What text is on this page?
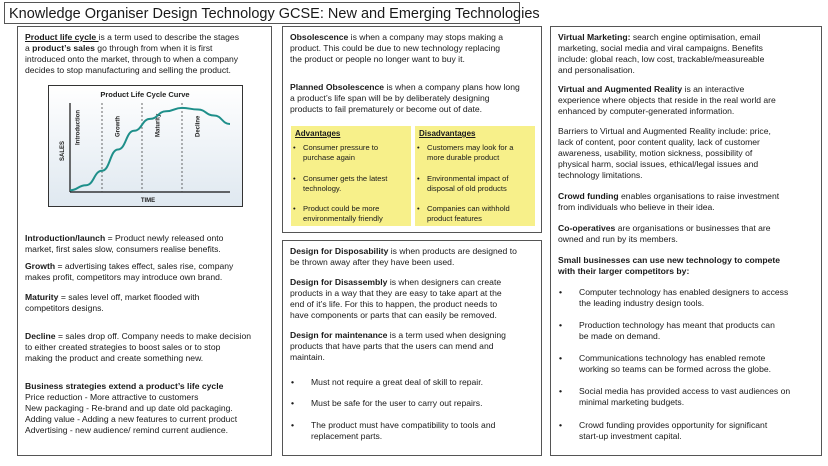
Knowledge Organiser Design Technology GCSE: New and Emerging Technologies

Product life cycle is a term used to describe the stages

a product’s sales go through from when it is first

introduced onto the market, through to when a company

decides to stop manufacturing and selling the product.

Product Life Cycle Curve
SALES
TIME
Introduction	Growth	Maturity	Decline

Introduction/launch = Product newly released onto

market, first sales slow, consumers realise benefits.

Growth = advertising takes effect, sales rise, company

makes profit, competitors may introduce own brand.

Maturity = sales level off, market flooded with

competitors designs.

Decline = sales drop off. Company needs to make decision

to either created strategies to boost sales or to stop

making the product and create something new.

Business strategies extend a product’s life cycle

Price reduction - More attractive to customers

New packaging - Re-brand and up date old packaging.

Adding value - Adding a new features to current product

Advertising - new audience/ remind current audience.

Obsolescence is when a company may stops making a

product. This could be due to new technology replacing

the product or people no longer want to buy it.

Planned Obsolescence is when a company plans how long

a product’s life span will be by deliberately designing

products to fail prematurely or become out of date.

Advantages
• Consumer pressure to
purchase again
• Consumer gets the latest
technology.
• Product could be more
environmentally friendly
Disadvantages
• Customers may look for a
more durable product
• Environmental impact of
disposal of old products
• Companies can withhold
product features

Design for Disposability is when products are designed to

be thrown away after they have been used.

Design for Disassembly is when designers can create

products in a way that they are easy to take apart at the

end of it’s life. For this to happen, the product needs to

have components or parts that can easily be removed.

Design for maintenance is a term used when designing

products that have parts that the users can mend and

maintain.

• Must not require a great deal of skill to repair.
• Must be safe for the user to carry out repairs.
• The product must have compatibility to tools and
replacement parts.

Virtual Marketing: search engine optimisation, email

marketing, social media and viral campaigns. Benefits

include: global reach, low cost, trackable/measureable

and personalisation.

Virtual and Augmented Reality is an interactive

experience where objects that reside in the real world are

enhanced by computer-generated information.

Barriers to Virtual and Augmented Reality include: price,

lack of content, poor content quality, lack of customer

awareness, usability, motion sickness, possibility of

physical harm, social issues, ethical/legal issues and

technology limitations.

Crowd funding enables organisations to raise investment

from individuals who believe in their idea.

Co-operatives are organisations or businesses that are

owned and run by its members.

Small businesses can use new technology to compete

with their larger competitors by:

• Computer technology has enabled designers to access
the leading industry design tools.
• Production technology has meant that products can
be made on demand.
• Communications technology has enabled remote
working so teams can be formed across the globe.
• Social media has provided access to vast audiences on
minimal marketing budgets.
• Crowd funding provides opportunity for significant
start-up investment capital.
